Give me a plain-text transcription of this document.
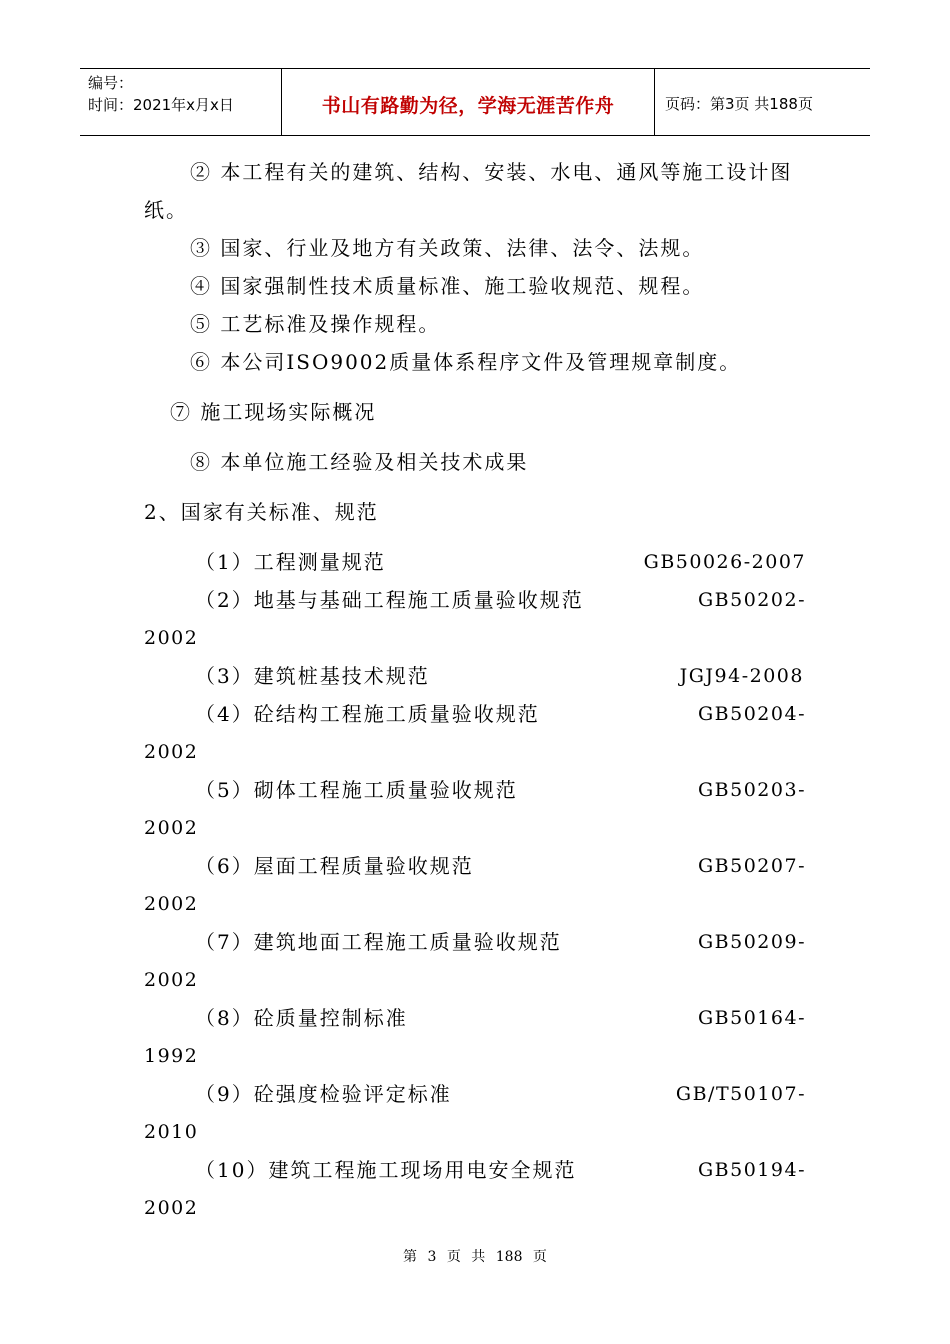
编号：
时间：2021年x月x日	书山有路勤为径，学海无涯苦作舟	页码：第3页 共188页
② 本工程有关的建筑、结构、安装、水电、通风等施工设计图
纸。
③ 国家、行业及地方有关政策、法律、法令、法规。
④ 国家强制性技术质量标准、施工验收规范、规程。
⑤ 工艺标准及操作规程。
⑥ 本公司ISO9002质量体系程序文件及管理规章制度。
⑦ 施工现场实际概况
⑧ 本单位施工经验及相关技术成果
2、国家有关标准、规范
（1）工程测量规范	GB50026-2007
（2）地基与基础工程施工质量验收规范	GB50202-
2002
（3）建筑桩基技术规范	JGJ94-2008
（4）砼结构工程施工质量验收规范	GB50204-
2002
（5）砌体工程施工质量验收规范	GB50203-
2002
（6）屋面工程质量验收规范	GB50207-
2002
（7）建筑地面工程施工质量验收规范	GB50209-
2002
（8）砼质量控制标准	GB50164-
1992
（9）砼强度检验评定标准	GB/T50107-
2010
（10）建筑工程施工现场用电安全规范	GB50194-
2002
第 3 页 共 188 页
